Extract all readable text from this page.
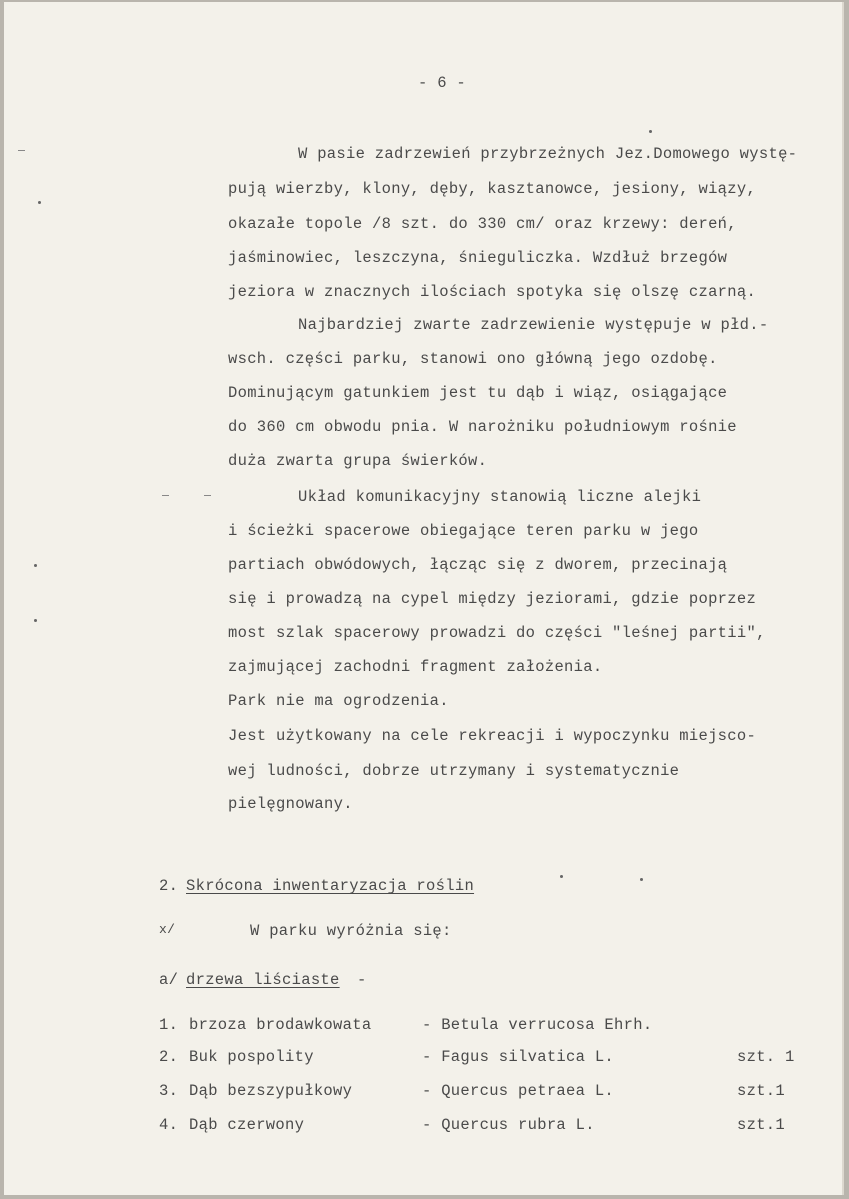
- 6 -
W pasie zadrzewień przybrzeżnych Jez.Domowego wystę-
pują wierzby, klony, dęby, kasztanowce, jesiony, wiązy,
okazałe topole /8 szt. do 330 cm/ oraz krzewy: dereń,
jaśminowiec, leszczyna, śnieguliczka. Wzdłuż brzegów
jeziora w znacznych ilościach spotyka się olszę czarną.
Najbardziej zwarte zadrzewienie występuje w płd.-
wsch. części parku, stanowi ono główną jego ozdobę.
Dominującym gatunkiem jest tu dąb i wiąz, osiągające
do 360 cm obwodu pnia. W narożniku południowym rośnie
duża zwarta grupa świerków.
Układ komunikacyjny stanowią liczne alejki
i ścieżki spacerowe obiegające teren parku w jego
partiach obwódowych, łącząc się z dworem, przecinają
się i prowadzą na cypel między jeziorami, gdzie poprzez
most szlak spacerowy prowadzi do części "leśnej partii",
zajmującej zachodni fragment założenia.
Park nie ma ogrodzenia.
Jest użytkowany na cele rekreacji i wypoczynku miejsco-
wej ludności, dobrze utrzymany i systematycznie
pielęgnowany.
2. Skrócona inwentaryzacja roślin
x/	W parku wyróżnia się:
a/ drzewa liściaste -
1. brzoza brodawkowata	- Betula verrucosa Ehrh.
2. Buk pospolity	- Fagus silvatica L.	szt. 1
3. Dąb bezszypułkowy	- Quercus petraea L.	szt.1
4. Dąb czerwony	- Quercus rubra L.	szt.1
